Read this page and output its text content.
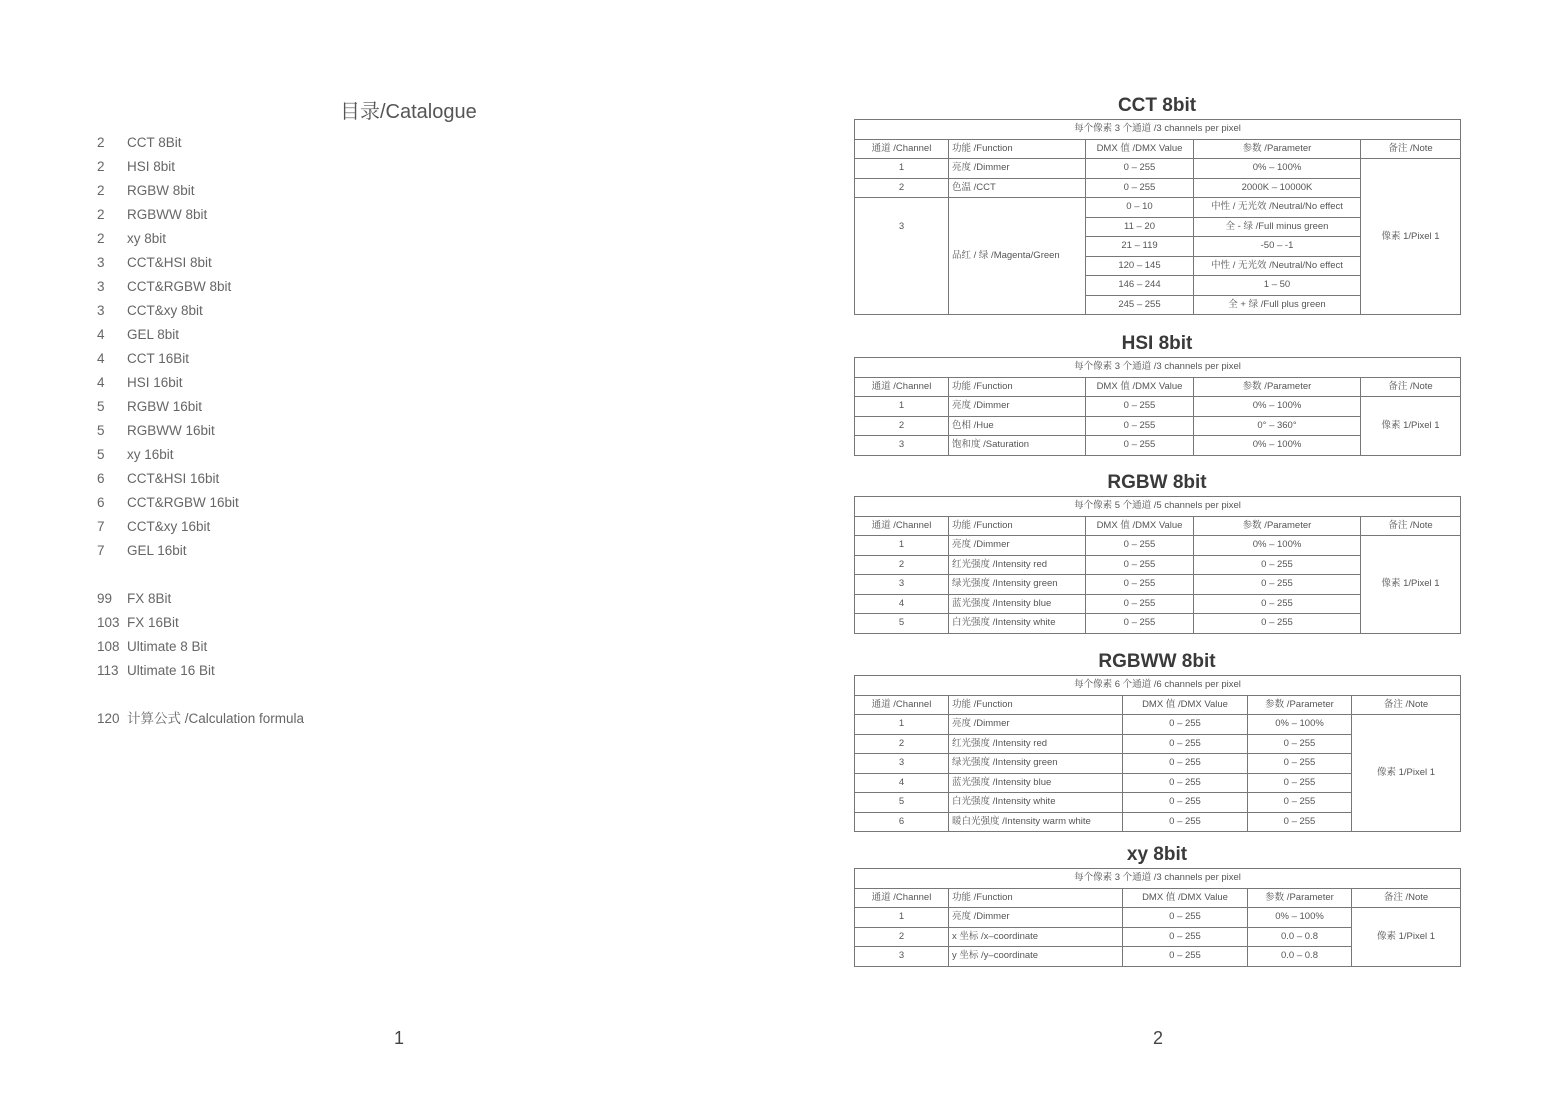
目录/Catalogue
2 CCT 8Bit
2 HSI 8bit
2 RGBW 8bit
2 RGBWW 8bit
2 xy 8bit
3 CCT&HSI 8bit
3 CCT&RGBW 8bit
3 CCT&xy 8bit
4 GEL 8bit
4 CCT 16Bit
4 HSI 16bit
5 RGBW 16bit
5 RGBWW 16bit
5 xy 16bit
6 CCT&HSI 16bit
6 CCT&RGBW 16bit
7 CCT&xy 16bit
7 GEL 16bit
99 FX 8Bit
103 FX 16Bit
108 Ultimate 8 Bit
113 Ultimate 16 Bit
120 计算公式 /Calculation formula
1
CCT 8bit
每个像素 3 个通道 /3 channels per pixel				
通道 /Channel	功能 /Function	DMX 值 /DMX Value	参数 /Parameter	备注 /Note
1	亮度 /Dimmer	0 – 255	0% – 100%	像素 1/Pixel 1
2	色温 /CCT	0 – 255	2000K – 10000K	
3	品红 / 绿 /Magenta/Green	0 – 10	中性 / 无光效 /Neutral/No effect	
		11 – 20	全 - 绿 /Full minus green	
		21 – 119	-50 – -1	
		120 – 145	中性 / 无光效 /Neutral/No effect	
		146 – 244	1 – 50	
		245 – 255	全 + 绿 /Full plus green	
HSI 8bit
每个像素 3 个通道 /3 channels per pixel				
通道 /Channel	功能 /Function	DMX 值 /DMX Value	参数 /Parameter	备注 /Note
1	亮度 /Dimmer	0 – 255	0% – 100%	像素 1/Pixel 1
2	色相 /Hue	0 – 255	0° – 360°	
3	饱和度 /Saturation	0 – 255	0% – 100%	
RGBW 8bit
每个像素 5 个通道 /5 channels per pixel				
通道 /Channel	功能 /Function	DMX 值 /DMX Value	参数 /Parameter	备注 /Note
1	亮度 /Dimmer	0 – 255	0% – 100%	像素 1/Pixel 1
2	红光强度 /Intensity red	0 – 255	0 – 255	
3	绿光强度 /Intensity green	0 – 255	0 – 255	
4	蓝光强度 /Intensity blue	0 – 255	0 – 255	
5	白光强度 /Intensity white	0 – 255	0 – 255	
RGBWW 8bit
每个像素 6 个通道 /6 channels per pixel				
通道 /Channel	功能 /Function	DMX 值 /DMX Value	参数 /Parameter	备注 /Note
1	亮度 /Dimmer	0 – 255	0% – 100%	像素 1/Pixel 1
2	红光强度 /Intensity red	0 – 255	0 – 255	
3	绿光强度 /Intensity green	0 – 255	0 – 255	
4	蓝光强度 /Intensity blue	0 – 255	0 – 255	
5	白光强度 /Intensity white	0 – 255	0 – 255	
6	暖白光强度 /Intensity warm white	0 – 255	0 – 255	
xy 8bit
每个像素 3 个通道 /3 channels per pixel				
通道 /Channel	功能 /Function	DMX 值 /DMX Value	参数 /Parameter	备注 /Note
1	亮度 /Dimmer	0 – 255	0% – 100%	像素 1/Pixel 1
2	x 坐标 /x–coordinate	0 – 255	0.0 – 0.8	
3	y 坐标 /y–coordinate	0 – 255	0.0 – 0.8	
2
